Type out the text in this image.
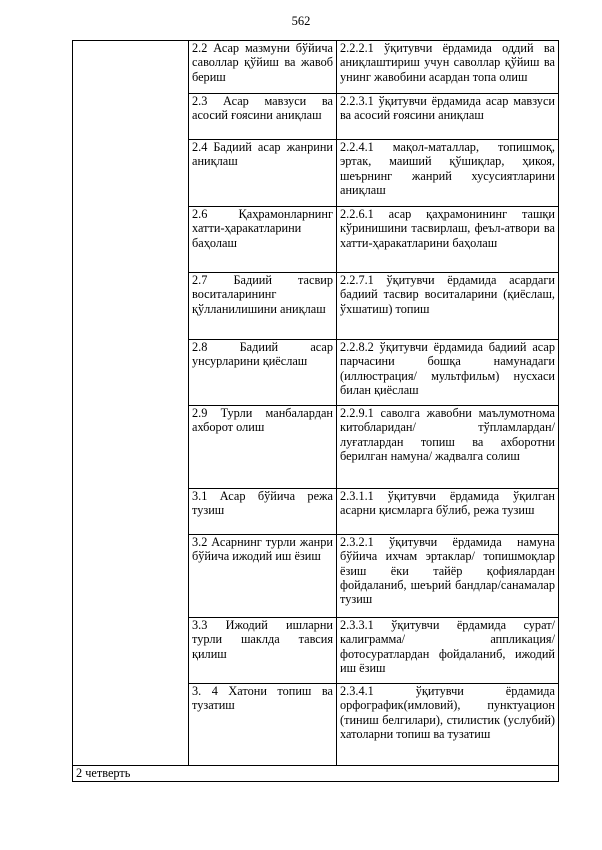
562
	2.2 Асар мазмуни бўйича саволлар қўйиш ва жавоб бериш	2.2.2.1 ўқитувчи ёрдамида оддий ва аниқлаштириш учун саволлар қўйиш ва унинг жавобини асардан топа олиш
	2.3 Асар мавзуси ва асосий ғоясини аниқлаш	2.2.3.1 ўқитувчи ёрдамида асар мавзуси ва асосий ғоясини аниқлаш
	2.4 Бадиий асар жанрини аниқлаш	2.2.4.1 мақол-маталлар, топишмоқ, эртак, маиший қўшиқлар, ҳикоя, шеърнинг жанрий хусусиятларини аниқлаш
	2.6 Қаҳрамонларнинг хатти-ҳаракатларини баҳолаш	2.2.6.1 асар қаҳрамонининг ташқи кўринишини тасвирлаш, феъл-атвори ва хатти-ҳаракатларини баҳолаш
	2.7 Бадиий тасвир воситаларининг қўлланилишини аниқлаш	2.2.7.1 ўқитувчи ёрдамида асардаги бадиий тасвир воситаларини (қиёслаш, ўхшатиш) топиш
	2.8 Бадиий асар унсурларини қиёслаш	2.2.8.2 ўқитувчи ёрдамида бадиий асар парчасини бошқа намунадаги (иллюстрация/ мультфильм) нусхаси билан қиёслаш
	2.9 Турли манбалардан ахборот олиш	2.2.9.1 саволга жавобни маълумотнома китобларидан/ тўпламлардан/ луғатлардан топиш ва ахборотни берилган намуна/ жадвалга солиш
	3.1 Асар бўйича режа тузиш	2.3.1.1 ўқитувчи ёрдамида ўқилган асарни қисмларга бўлиб, режа тузиш
	3.2 Асарнинг турли жанри бўйича ижодий иш ёзиш	2.3.2.1 ўқитувчи ёрдамида намуна бўйича ихчам эртаклар/ топишмоқлар ёзиш ёки тайёр қофиялардан фойдаланиб, шеърий бандлар/санамалар тузиш
	3.3 Ижодий ишларни турли шаклда тавсия қилиш	2.3.3.1 ўқитувчи ёрдамида сурат/ калиграмма/ аппликация/ фотосуратлардан фойдаланиб, ижодий иш ёзиш
	3. 4 Хатони топиш ва тузатиш	2.3.4.1 ўқитувчи ёрдамида орфографик(имловий), пунктуацион (тиниш белгилари), стилистик (услубий) хатоларни топиш ва тузатиш
2 четверть		
